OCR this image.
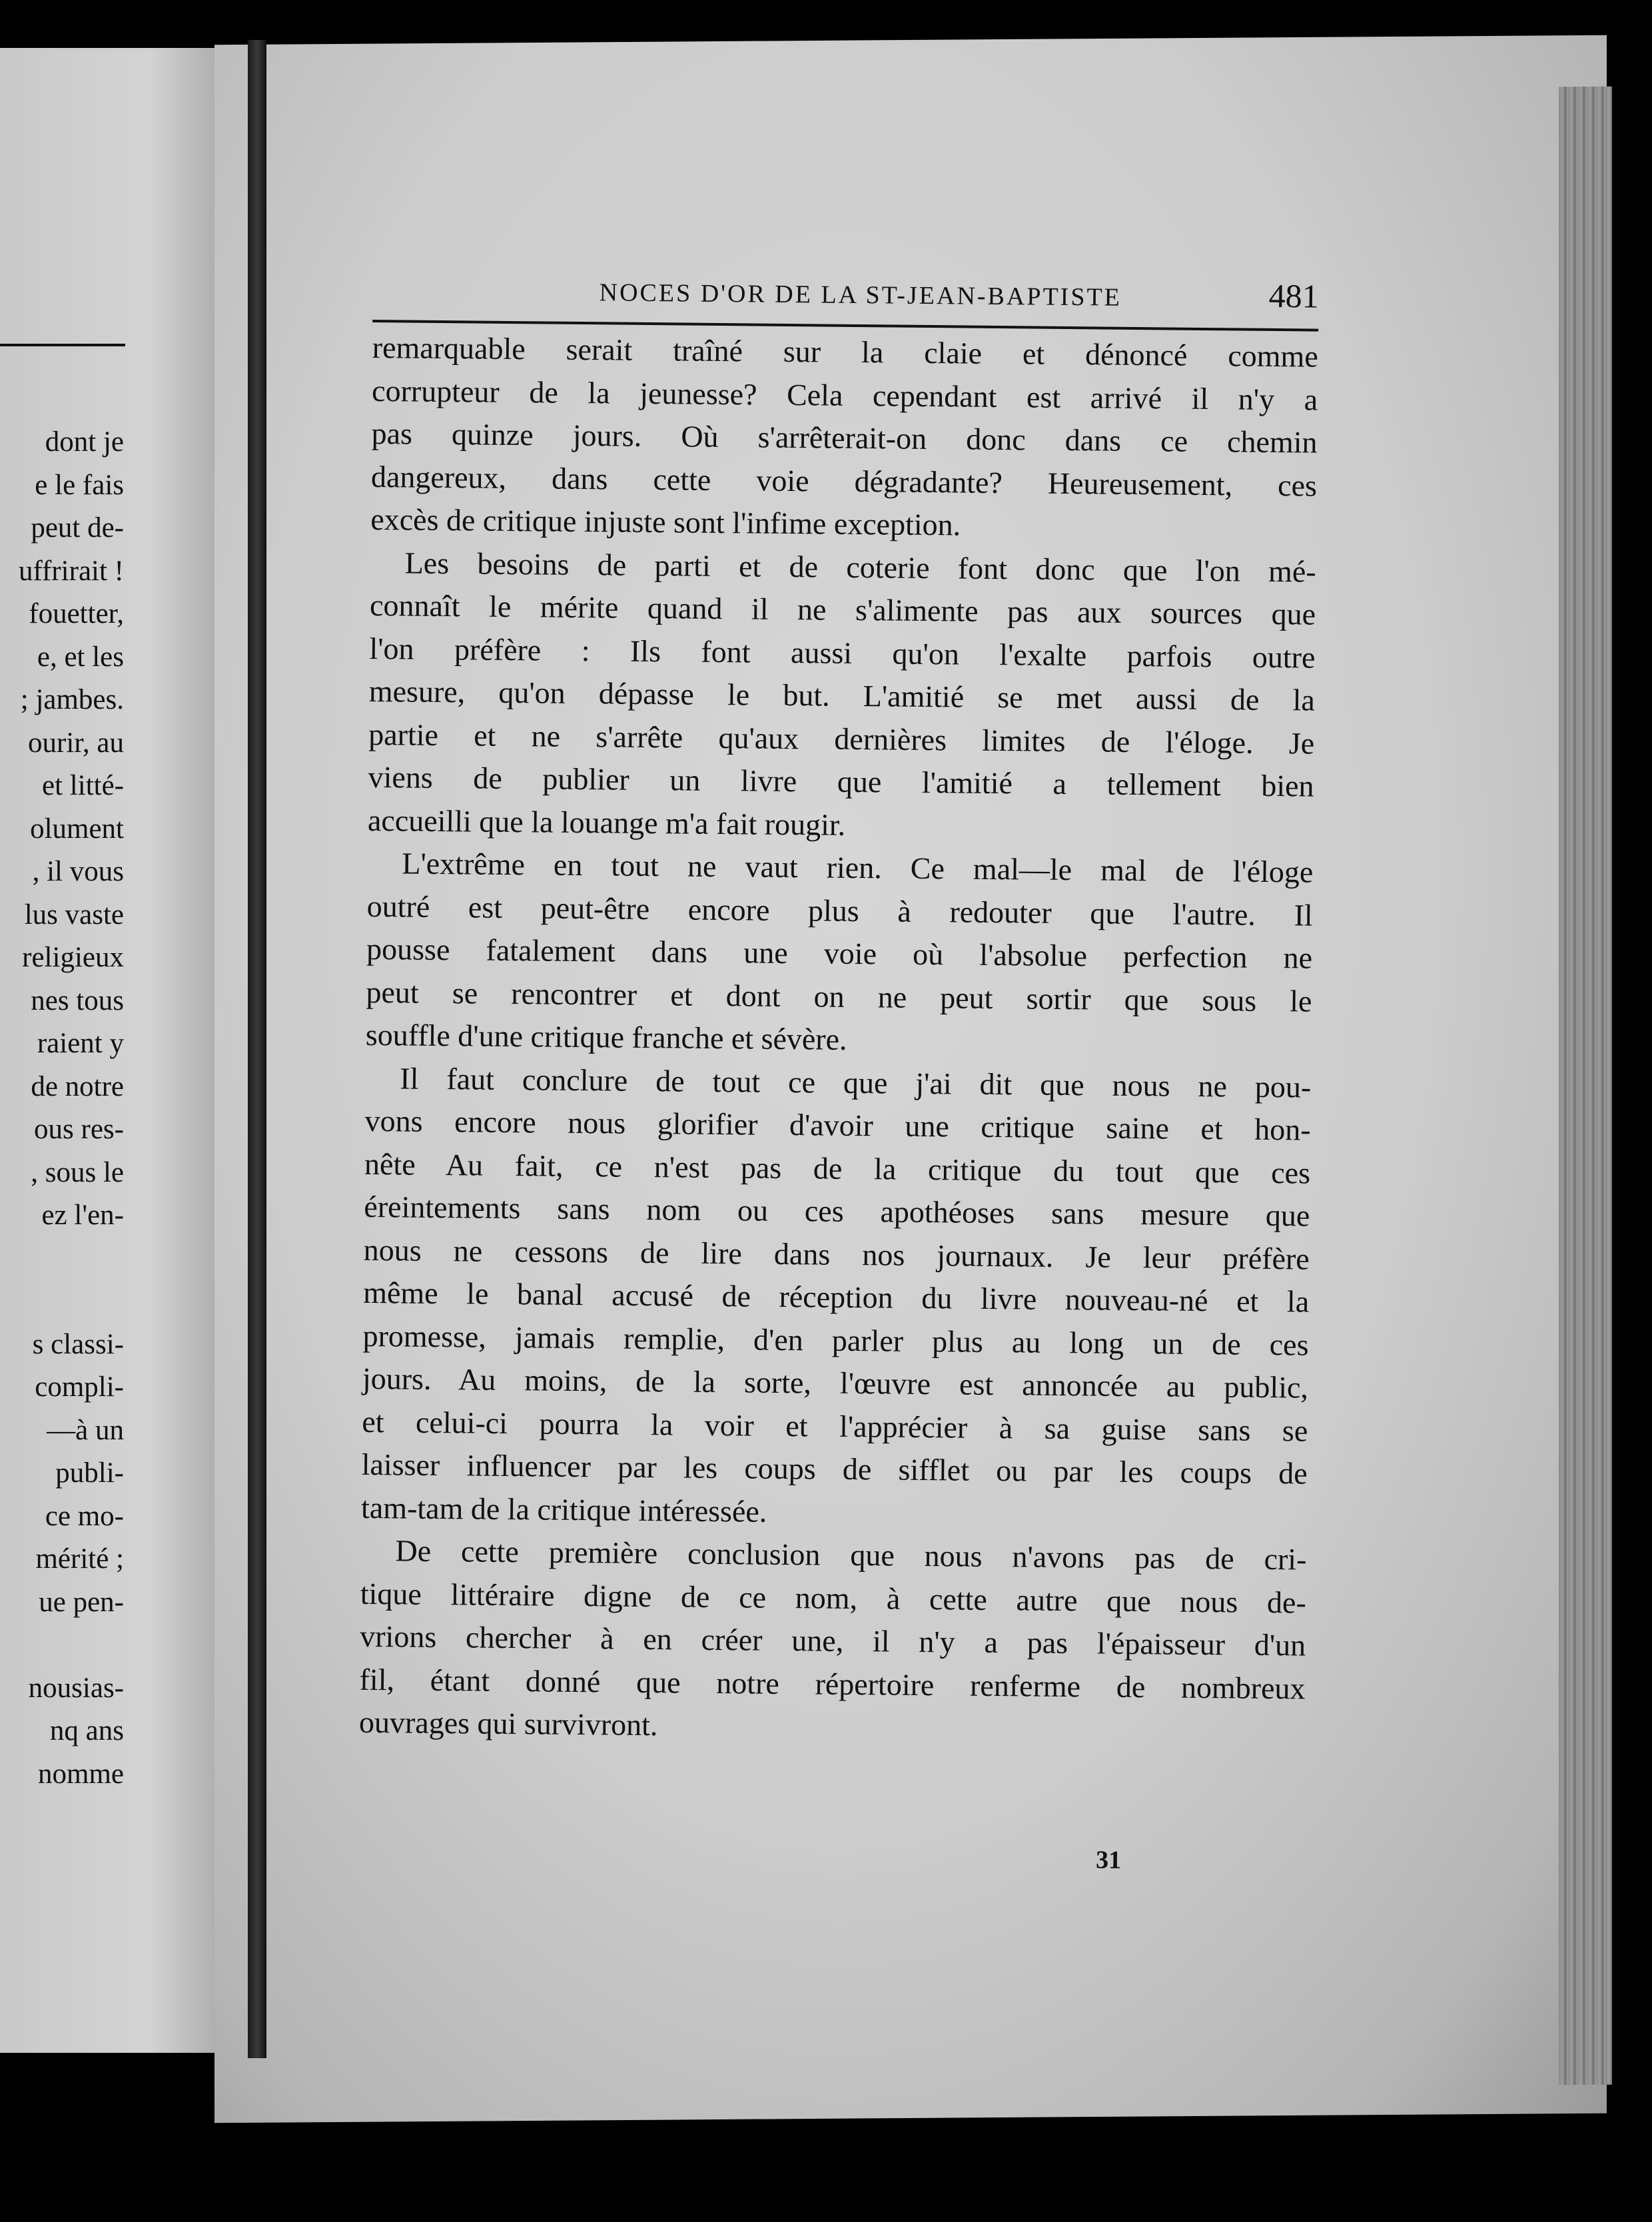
dont je
e le fais
peut de-
uffrirait !
fouetter,
e, et les
; jambes.
ourir, au
et litté-
olument
, il vous
lus vaste
religieux
nes tous
raient y
de notre
ous res-
, sous le
ez l'en-
s classi-
compli-
—à un
publi-
ce mo-
mérité ;
ue pen-
nousias-
nq ans
nomme
NOCES D'OR DE LA ST-JEAN-BAPTISTE	481
remarquable serait traîné sur la claie et dénoncé comme
corrupteur de la jeunesse? Cela cependant est arrivé il n'y a
pas quinze jours. Où s'arrêterait-on donc dans ce chemin
dangereux, dans cette voie dégradante? Heureusement, ces
excès de critique injuste sont l'infime exception.
Les besoins de parti et de coterie font donc que l'on mé-
connaît le mérite quand il ne s'alimente pas aux sources que
l'on préfère : Ils font aussi qu'on l'exalte parfois outre
mesure, qu'on dépasse le but. L'amitié se met aussi de la
partie et ne s'arrête qu'aux dernières limites de l'éloge. Je
viens de publier un livre que l'amitié a tellement bien
accueilli que la louange m'a fait rougir.
L'extrême en tout ne vaut rien. Ce mal—le mal de l'éloge
outré est peut-être encore plus à redouter que l'autre. Il
pousse fatalement dans une voie où l'absolue perfection ne
peut se rencontrer et dont on ne peut sortir que sous le
souffle d'une critique franche et sévère.
Il faut conclure de tout ce que j'ai dit que nous ne pou-
vons encore nous glorifier d'avoir une critique saine et hon-
nête Au fait, ce n'est pas de la critique du tout que ces
éreintements sans nom ou ces apothéoses sans mesure que
nous ne cessons de lire dans nos journaux. Je leur préfère
même le banal accusé de réception du livre nouveau-né et la
promesse, jamais remplie, d'en parler plus au long un de ces
jours. Au moins, de la sorte, l'œuvre est annoncée au public,
et celui-ci pourra la voir et l'apprécier à sa guise sans se
laisser influencer par les coups de sifflet ou par les coups de
tam-tam de la critique intéressée.
De cette première conclusion que nous n'avons pas de cri-
tique littéraire digne de ce nom, à cette autre que nous de-
vrions chercher à en créer une, il n'y a pas l'épaisseur d'un
fil, étant donné que notre répertoire renferme de nombreux
ouvrages qui survivront.
31
